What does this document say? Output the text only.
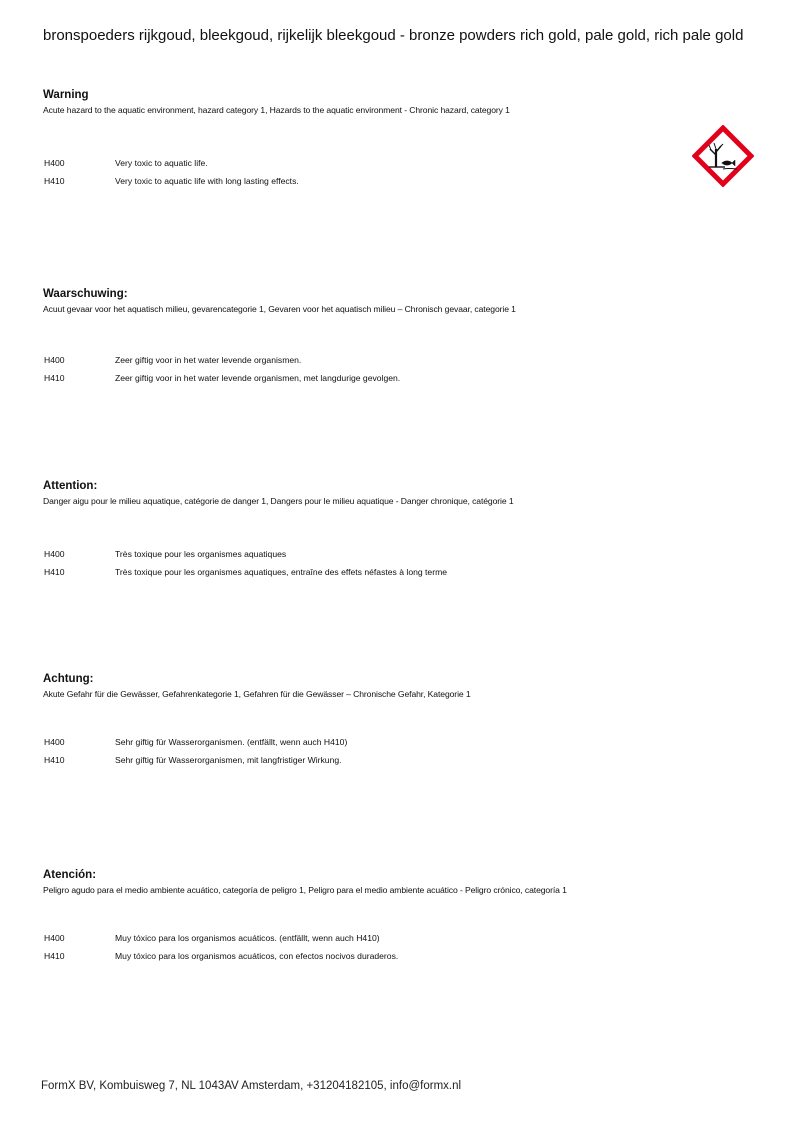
bronspoeders rijkgoud, bleekgoud, rijkelijk bleekgoud - bronze powders rich gold, pale gold, rich pale gold
Warning
Acute hazard to the aquatic environment, hazard category 1, Hazards to the aquatic environment - Chronic hazard, category 1
H400	Very toxic to aquatic life.
H410	Very toxic to aquatic life with long lasting effects.
Waarschuwing:
Acuut gevaar voor het aquatisch milieu, gevarencategorie 1, Gevaren voor het aquatisch milieu – Chronisch gevaar, categorie 1
H400	Zeer giftig voor in het water levende organismen.
H410	Zeer giftig voor in het water levende organismen, met langdurige gevolgen.
Attention:
Danger aigu pour le milieu aquatique, catégorie de danger 1, Dangers pour le milieu aquatique - Danger chronique, catégorie 1
H400	Très toxique pour les organismes aquatiques
H410	Très toxique pour les organismes aquatiques, entraîne des effets néfastes à long terme
Achtung:
Akute Gefahr für die Gewässer, Gefahrenkategorie 1, Gefahren für die Gewässer – Chronische Gefahr, Kategorie 1
H400	Sehr giftig für Wasserorganismen. (entfällt, wenn auch H410)
H410	Sehr giftig für Wasserorganismen, mit langfristiger Wirkung.
Atención:
Peligro agudo para el medio ambiente acuático, categoría de peligro 1, Peligro para el medio ambiente acuático - Peligro crónico, categoría 1
H400	Muy tóxico para los organismos acuáticos. (entfällt, wenn auch H410)
H410	Muy tóxico para los organismos acuáticos, con efectos nocivos duraderos.
FormX BV, Kombuisweg 7, NL 1043AV Amsterdam, +31204182105, info@formx.nl
